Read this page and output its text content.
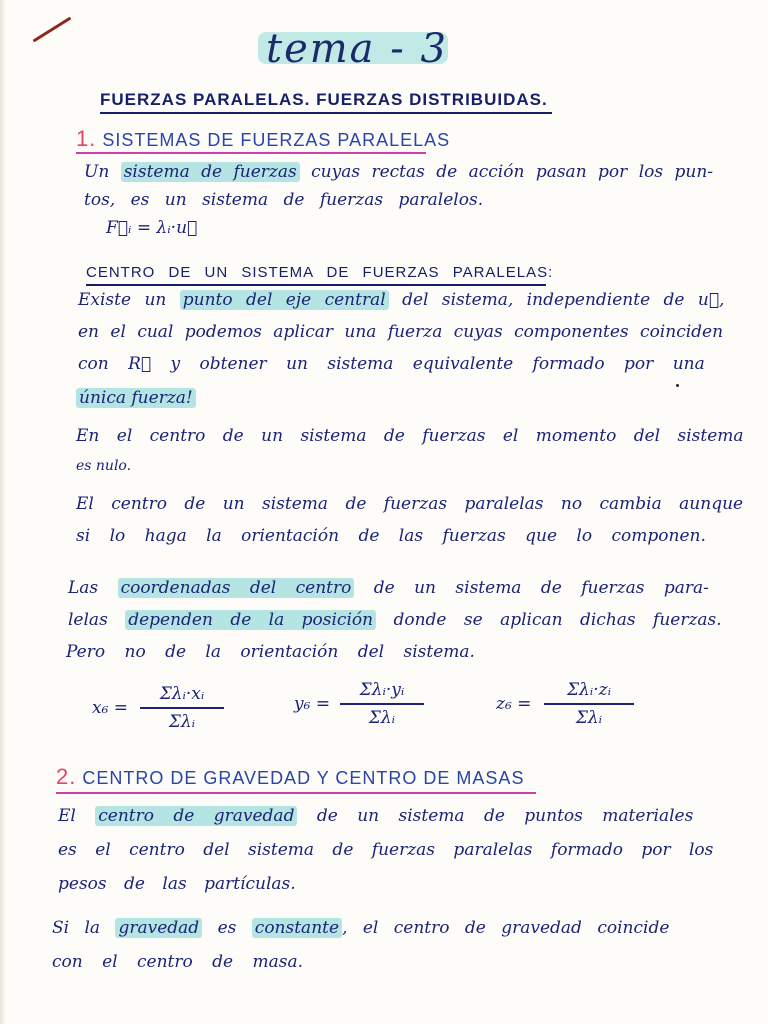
tema - 3
FUERZAS PARALELAS. FUERZAS DISTRIBUIDAS.
1. SISTEMAS DE FUERZAS PARALELAS
Un sistema de fuerzas cuyas rectas de acción pasan por los pun-
tos, es un sistema de fuerzas paralelos.
F⃗ᵢ = λᵢ·u⃗
CENTRO DE UN SISTEMA DE FUERZAS PARALELAS:
Existe un punto del eje central del sistema, independiente de u⃗,
en el cual podemos aplicar una fuerza cuyas componentes coinciden
con R⃗ y obtener un sistema equivalente formado por una
única fuerza!
En el centro de un sistema de fuerzas el momento del sistema
es nulo.
El centro de un sistema de fuerzas paralelas no cambia aunque
si lo haga la orientación de las fuerzas que lo componen.
Las coordenadas del centro de un sistema de fuerzas para-
lelas dependen de la posición donde se aplican dichas fuerzas.
Pero no de la orientación del sistema.
x₆ =
Σλᵢ·xᵢ
Σλᵢ
y₆ =
Σλᵢ·yᵢ
Σλᵢ
z₆ =
Σλᵢ·zᵢ
Σλᵢ
2. CENTRO DE GRAVEDAD Y CENTRO DE MASAS
El centro de gravedad de un sistema de puntos materiales
es el centro del sistema de fuerzas paralelas formado por los
pesos de las partículas.
Si la gravedad es constante , el centro de gravedad coincide
con el centro de masa.
